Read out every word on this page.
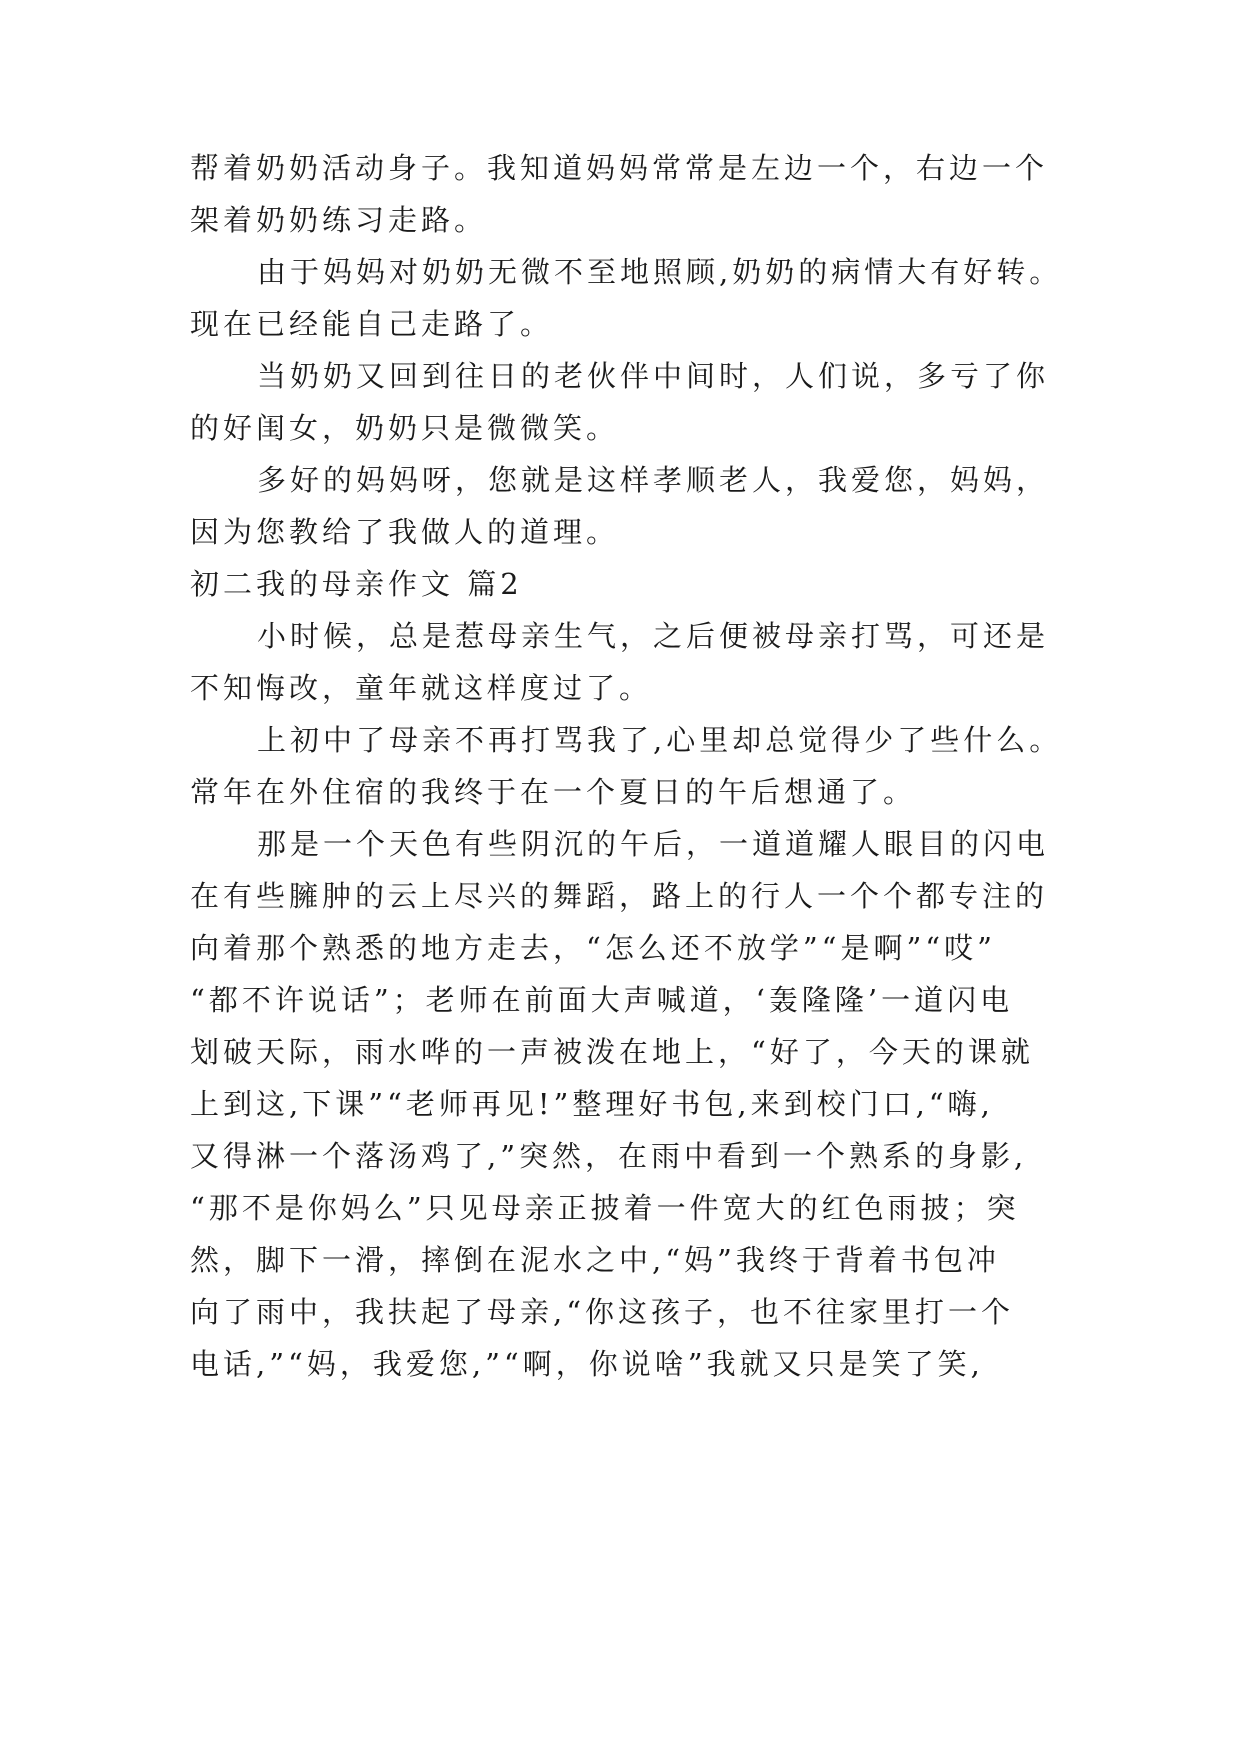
帮着奶奶活动身子。我知道妈妈常常是左边一个，右边一个
架着奶奶练习走路。
由于妈妈对奶奶无微不至地照顾,奶奶的病情大有好转。
现在已经能自己走路了。
当奶奶又回到往日的老伙伴中间时，人们说，多亏了你
的好闺女，奶奶只是微微笑。
多好的妈妈呀，您就是这样孝顺老人，我爱您，妈妈，
因为您教给了我做人的道理。
初二我的母亲作文 篇2
小时候，总是惹母亲生气，之后便被母亲打骂，可还是
不知悔改，童年就这样度过了。
上初中了母亲不再打骂我了,心里却总觉得少了些什么。
常年在外住宿的我终于在一个夏日的午后想通了。
那是一个天色有些阴沉的午后，一道道耀人眼目的闪电
在有些臃肿的云上尽兴的舞蹈，路上的行人一个个都专注的
向着那个熟悉的地方走去，“怎么还不放学”“是啊”“哎”
“都不许说话”；老师在前面大声喊道，‘轰隆隆’一道闪电
划破天际，雨水哗的一声被泼在地上，“好了，今天的课就
上到这,下课”“老师再见!”整理好书包,来到校门口,“嗨,
又得淋一个落汤鸡了,”突然，在雨中看到一个熟系的身影,
“那不是你妈么”只见母亲正披着一件宽大的红色雨披；突
然，脚下一滑，摔倒在泥水之中,“妈”我终于背着书包冲
向了雨中，我扶起了母亲,“你这孩子，也不往家里打一个
电话,”“妈，我爱您,”“啊，你说啥”我就又只是笑了笑,
